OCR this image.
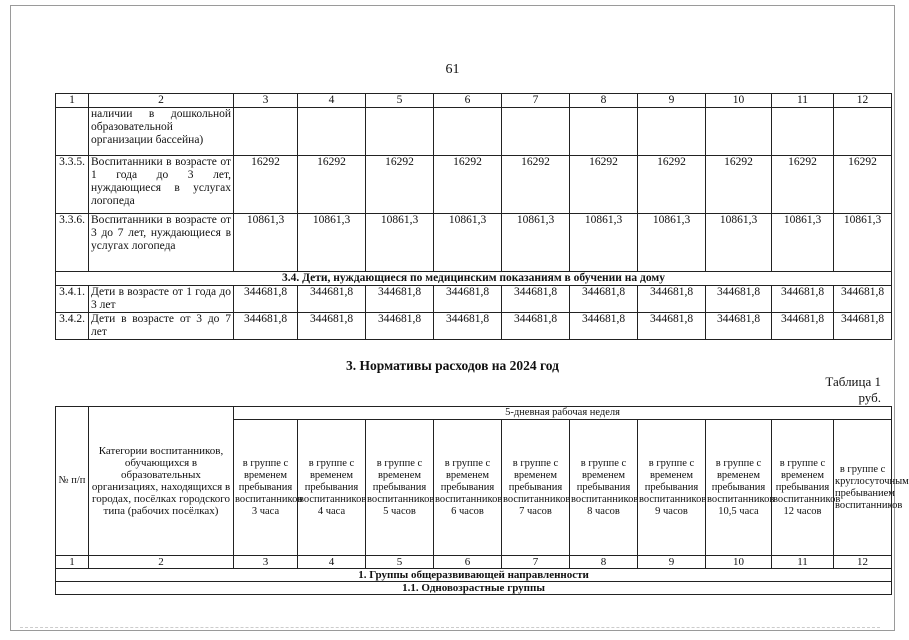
61
1	2	3	4	5	6	7	8	9	10	11	12
	наличии в дошкольной образовательной организации бассейна)										
3.3.5.	Воспитанники в возрасте от 1 года до 3 лет, нуждающиеся в услугах логопеда	16292	16292	16292	16292	16292	16292	16292	16292	16292	16292
3.3.6.	Воспитанники в возрасте от 3 до 7 лет, нуждающиеся в услугах логопеда	10861,3	10861,3	10861,3	10861,3	10861,3	10861,3	10861,3	10861,3	10861,3	10861,3
3.4. Дети, нуждающиеся по медицинским показаниям в обучении на дому											
3.4.1.	Дети в возрасте от 1 года до 3 лет	344681,8	344681,8	344681,8	344681,8	344681,8	344681,8	344681,8	344681,8	344681,8	344681,8
3.4.2.	Дети в возрасте от 3 до 7 лет	344681,8	344681,8	344681,8	344681,8	344681,8	344681,8	344681,8	344681,8	344681,8	344681,8
3. Нормативы расходов на 2024 год
Таблица 1
руб.
№ п/п	Категории воспитанников, обучающихся в образовательных организациях, находящихся в городах, посёлках городского типа (рабочих посёлках)	5-дневная рабочая неделя									
		в группе с временем пребывания воспитанников 3 часа	в группе с временем пребывания воспитанников 4 часа	в группе с временем пребывания воспитанников 5 часов	в группе с временем пребывания воспитанников 6 часов	в группе с временем пребывания воспитанников 7 часов	в группе с временем пребывания воспитанников 8 часов	в группе с временем пребывания воспитанников 9 часов	в группе с временем пребывания воспитанников 10,5 часа	в группе с временем пребывания воспитанников 12 часов	в группе с круглосуточным пребыванием воспитанников
1	2	3	4	5	6	7	8	9	10	11	12
1. Группы общеразвивающей направленности											
1.1. Одновозрастные группы											
